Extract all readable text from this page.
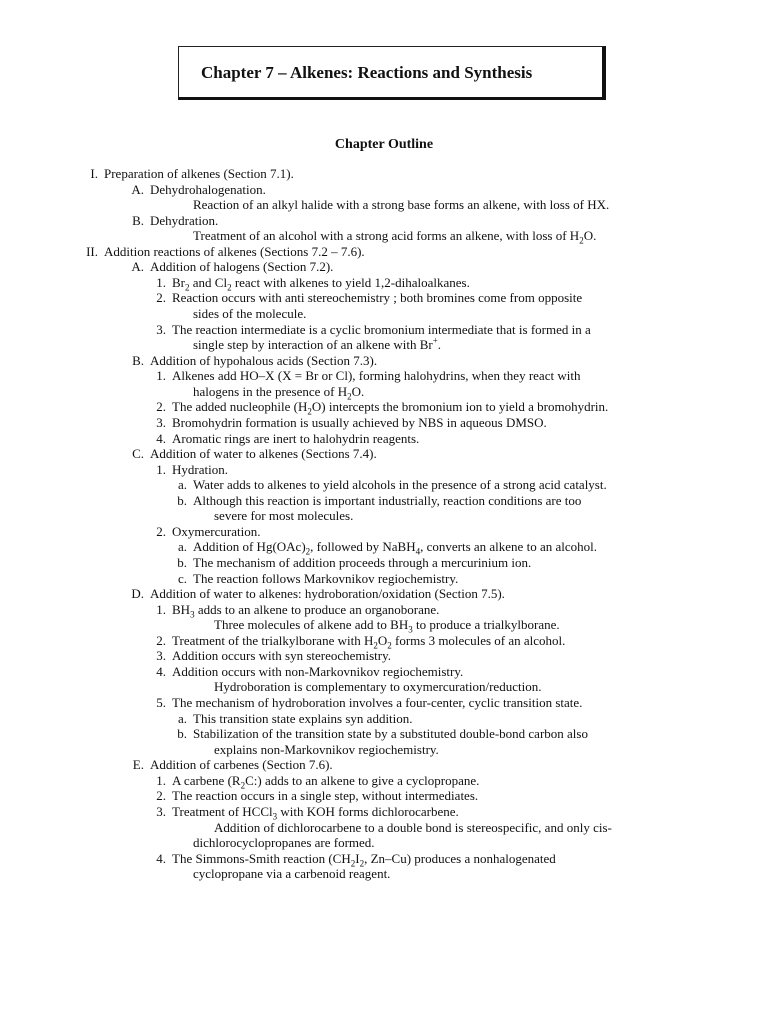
Chapter 7 – Alkenes: Reactions and Synthesis
Chapter Outline
I. Preparation of alkenes (Section 7.1).
A. Dehydrohalogenation.
Reaction of an alkyl halide with a strong base forms an alkene, with loss of HX.
B. Dehydration.
Treatment of an alcohol with a strong acid forms an alkene, with loss of $H_2O$.
II. Addition reactions of alkenes (Sections 7.2 – 7.6).
A. Addition of halogens (Section 7.2).
1. $Br_2$ and $Cl_2$ react with alkenes to yield 1,2-dihaloalkanes.
2. Reaction occurs with anti stereochemistry ; both bromines come from opposite
sides of the molecule.
3. The reaction intermediate is a cyclic bromonium intermediate that is formed in a
single step by interaction of an alkene with Br+.
B. Addition of hypohalous acids (Section 7.3).
1. Alkenes add HO–X (X = Br or Cl), forming halohydrins, when they react with
halogens in the presence of $H_2O$.
2. The added nucleophile $(H_2O)$ intercepts the bromonium ion to yield a bromohydrin.
3. Bromohydrin formation is usually achieved by NBS in aqueous DMSO.
4. Aromatic rings are inert to halohydrin reagents.
C. Addition of water to alkenes (Sections 7.4).
1. Hydration.
a. Water adds to alkenes to yield alcohols in the presence of a strong acid catalyst.
b. Although this reaction is important industrially, reaction conditions are too
severe for most molecules.
2. Oxymercuration.
a. Addition of $Hg(OAc)_2$, followed by NaBH$_4$, converts an alkene to an alcohol.
b. The mechanism of addition proceeds through a mercurinium ion.
c. The reaction follows Markovnikov regiochemistry.
D. Addition of water to alkenes: hydroboration/oxidation (Section 7.5).
1. $BH_3$ adds to an alkene to produce an organoborane.
Three molecules of alkene add to $BH_3$ to produce a trialkylborane.
2. Treatment of the trialkylborane with $H_2O_2$ forms 3 molecules of an alcohol.
3. Addition occurs with syn stereochemistry.
4. Addition occurs with non-Markovnikov regiochemistry.
Hydroboration is complementary to oxymercuration/reduction.
5. The mechanism of hydroboration involves a four-center, cyclic transition state.
a. This transition state explains syn addition.
b. Stabilization of the transition state by a substituted double-bond carbon also
explains non-Markovnikov regiochemistry.
E. Addition of carbenes (Section 7.6).
1. A carbene $(R_2C:)$ adds to an alkene to give a cyclopropane.
2. The reaction occurs in a single step, without intermediates.
3. Treatment of HCCl$_3$ with KOH forms dichlorocarbene.
Addition of dichlorocarbene to a double bond is stereospecific, and only cis-
dichlorocyclopropanes are formed.
4. The Simmons-Smith reaction ($CH_2I_2$, Zn–Cu) produces a nonhalogenated
cyclopropane via a carbenoid reagent.
